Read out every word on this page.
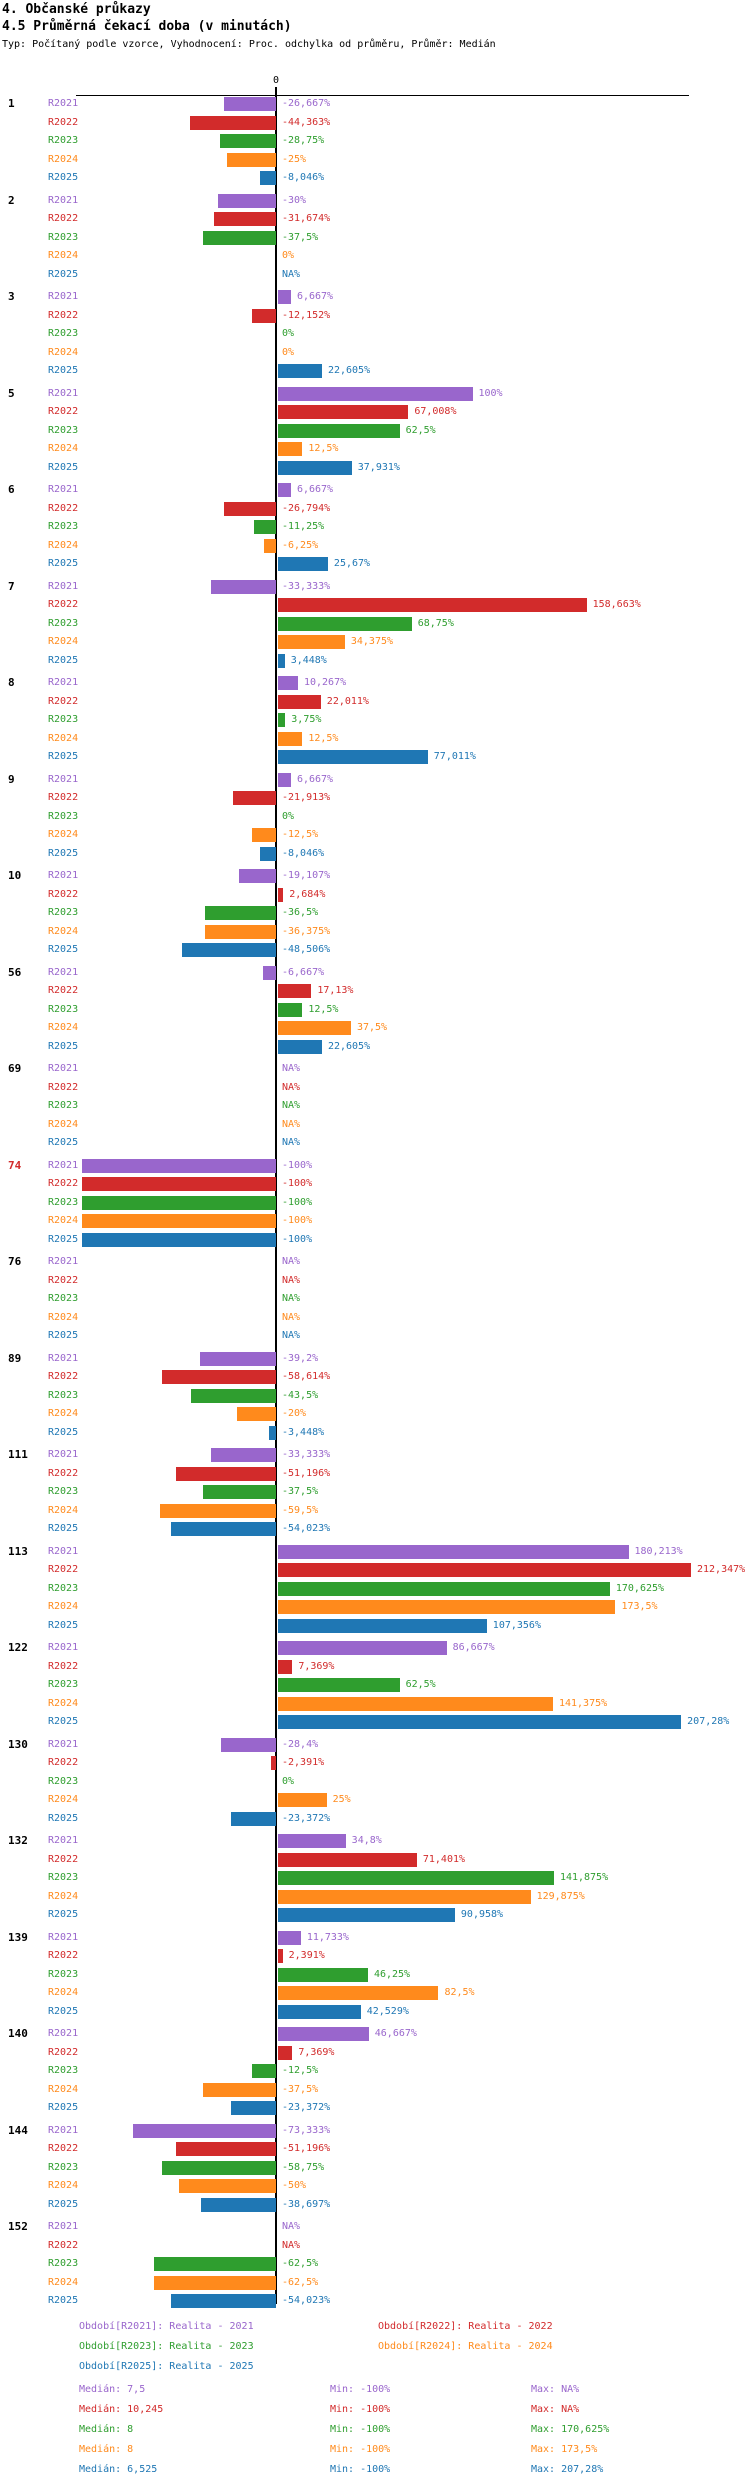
4. Občanské průkazy
4.5 Průměrná čekací doba (v minutách)
Typ: Počítaný podle vzorce, Vyhodnocení: Proc. odchylka od průměru, Průměr: Medián
0
1	R2021	-26,667%
R2022	-44,363%
R2023	-28,75%
R2024	-25%
R2025	-8,046%
2	R2021	-30%
R2022	-31,674%
R2023	-37,5%
R2024	0%
R2025	NA%
3	R2021	6,667%
R2022	-12,152%
R2023	0%
R2024	0%
R2025	22,605%
5	R2021	100%
R2022	67,008%
R2023	62,5%
R2024	12,5%
R2025	37,931%
6	R2021	6,667%
R2022	-26,794%
R2023	-11,25%
R2024	-6,25%
R2025	25,67%
7	R2021	-33,333%
R2022	158,663%
R2023	68,75%
R2024	34,375%
R2025	3,448%
8	R2021	10,267%
R2022	22,011%
R2023	3,75%
R2024	12,5%
R2025	77,011%
9	R2021	6,667%
R2022	-21,913%
R2023	0%
R2024	-12,5%
R2025	-8,046%
10	R2021	-19,107%
R2022	2,684%
R2023	-36,5%
R2024	-36,375%
R2025	-48,506%
56	R2021	-6,667%
R2022	17,13%
R2023	12,5%
R2024	37,5%
R2025	22,605%
69	R2021	NA%
R2022	NA%
R2023	NA%
R2024	NA%
R2025	NA%
74	R2021	-100%
R2022	-100%
R2023	-100%
R2024	-100%
R2025	-100%
76	R2021	NA%
R2022	NA%
R2023	NA%
R2024	NA%
R2025	NA%
89	R2021	-39,2%
R2022	-58,614%
R2023	-43,5%
R2024	-20%
R2025	-3,448%
111 R2021	-33,333%
R2022	-51,196%
R2023	-37,5%
R2024	-59,5%
R2025	-54,023%
113 R2021	180,213%
R2022	212,347%
R2023	170,625%
R2024	173,5%
R2025	107,356%
122 R2021	86,667%
R2022	7,369%
R2023	62,5%
R2024	141,375%
R2025	207,28%
130 R2021	-28,4%
R2022	-2,391%
R2023	0%
R2024	25%
R2025	-23,372%
132 R2021	34,8%
R2022	71,401%
R2023	141,875%
R2024	129,875%
R2025	90,958%
139 R2021	11,733%
R2022	2,391%
R2023	46,25%
R2024	82,5%
R2025	42,529%
140 R2021	46,667%
R2022	7,369%
R2023	-12,5%
R2024	-37,5%
R2025	-23,372%
144 R2021	-73,333%
R2022	-51,196%
R2023	-58,75%
R2024	-50%
R2025	-38,697%
152 R2021	NA%
R2022	NA%
R2023	-62,5%
R2024	-62,5%
R2025	-54,023%
Období[R2021]: Realita - 2021	Období[R2022]: Realita - 2022
Období[R2023]: Realita - 2023	Období[R2024]: Realita - 2024
Období[R2025]: Realita - 2025
Medián: 7,5	Min: -100%	Max: NA%
Medián: 10,245	Min: -100%	Max: NA%
Medián: 8	Min: -100%	Max: 170,625%
Medián: 8	Min: -100%	Max: 173,5%
Medián: 6,525	Min: -100%	Max: 207,28%
